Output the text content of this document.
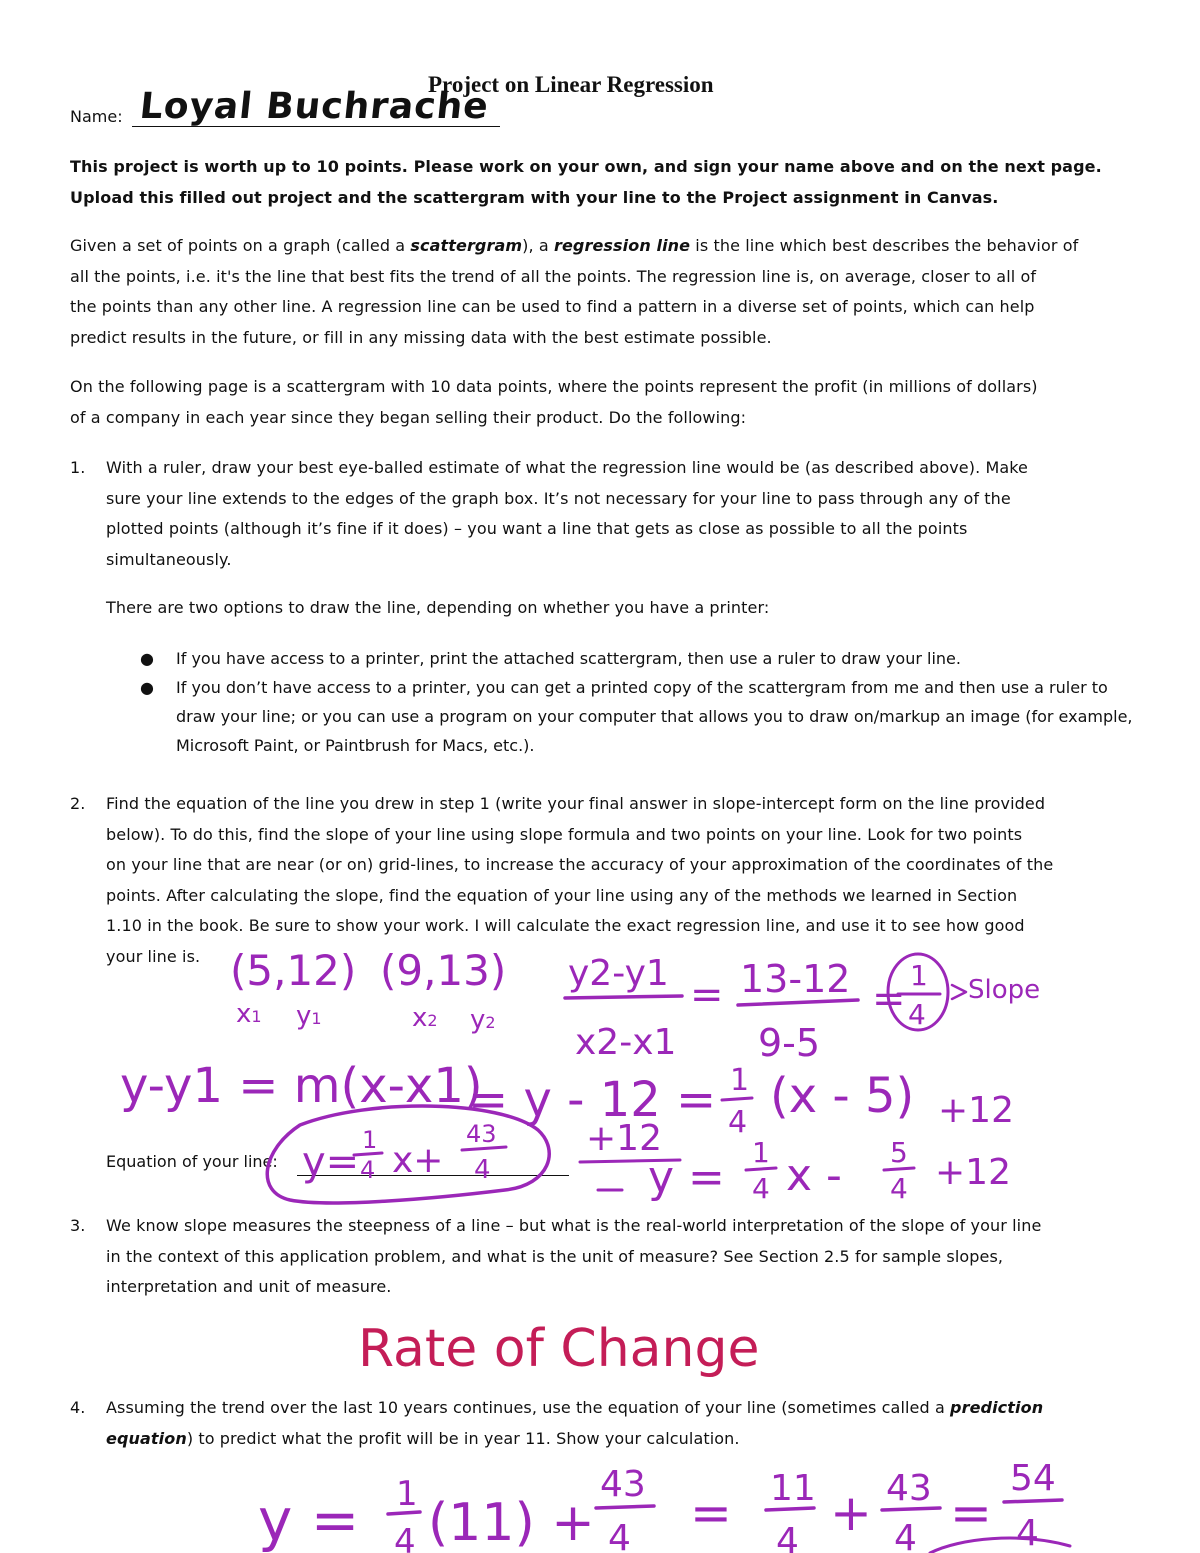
Project on Linear Regression
Name: Loyal Buchrache
This project is worth up to 10 points. Please work on your own, and sign your name above and on the next page.
Upload this filled out project and the scattergram with your line to the Project assignment in Canvas.
Given a set of points on a graph (called a scattergram), a regression line is the line which best describes the behavior of
all the points, i.e. it's the line that best fits the trend of all the points. The regression line is, on average, closer to all of
the points than any other line. A regression line can be used to find a pattern in a diverse set of points, which can help
predict results in the future, or fill in any missing data with the best estimate possible.
On the following page is a scattergram with 10 data points, where the points represent the profit (in millions of dollars)
of a company in each year since they began selling their product. Do the following:
1.	With a ruler, draw your best eye-balled estimate of what the regression line would be (as described above). Make
sure your line extends to the edges of the graph box. It’s not necessary for your line to pass through any of the
plotted points (although it’s fine if it does) – you want a line that gets as close as possible to all the points
simultaneously.
There are two options to draw the line, depending on whether you have a printer:
● If you have access to a printer, print the attached scattergram, then use a ruler to draw your line.
● If you don’t have access to a printer, you can get a printed copy of the scattergram from me and then use a ruler to draw your line; or you can use a program on your computer that allows you to draw on/markup an image (for example, Microsoft Paint, or Paintbrush for Macs, etc.).
2.	Find the equation of the line you drew in step 1 (write your final answer in slope-intercept form on the line provided
below). To do this, find the slope of your line using slope formula and two points on your line. Look for two points
on your line that are near (or on) grid-lines, to increase the accuracy of your approximation of the coordinates of the
points. After calculating the slope, find the equation of your line using any of the methods we learned in Section
1.10 in the book. Be sure to show your work. I will calculate the exact regression line, and use it to see how good
your line is.
Equation of your line:
3.	We know slope measures the steepness of a line – but what is the real-world interpretation of the slope of your line
in the context of this application problem, and what is the unit of measure? See Section 2.5 for sample slopes,
interpretation and unit of measure.
4.	Assuming the trend over the last 10 years continues, use the equation of your line (sometimes called a prediction
equation) to predict what the profit will be in year 11. Show your calculation.
(5,12) (9,13)
x1 y1	x2 y2
y2-y1
x2-x1
= 13-12
9-5
=
1
4
Slope
y-y1 = m(x-x1)
= y - 12 = 1
4 (x - 5) +12
+12
y = 1
4 x - 5
4 +12
y= 1
4 x+
43
4
Rate of Change
y = 1
4 (11) +
43
4 = 11
4 + 43
4 =
54
4
